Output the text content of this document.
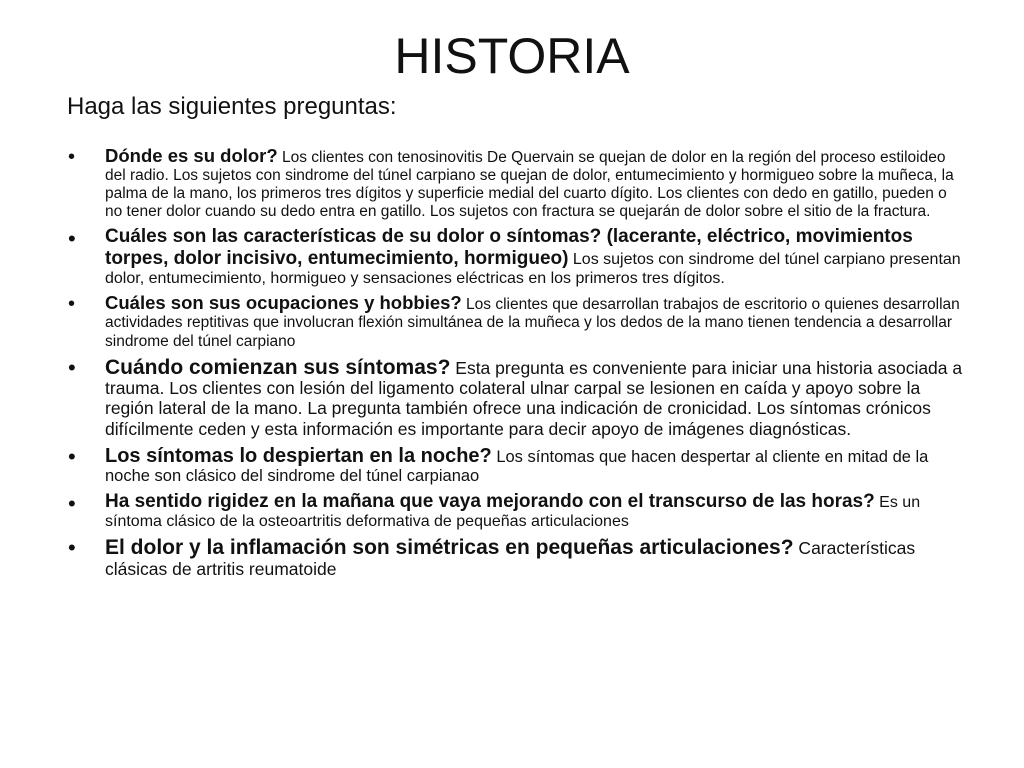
HISTORIA

Haga las siguientes preguntas:

• Dónde es su dolor? Los clientes con tenosinovitis De Quervain se quejan de dolor en la región del proceso estiloideo del radio. Los sujetos con sindrome del túnel carpiano se quejan de dolor, entumecimiento y hormigueo sobre la muñeca, la palma de la mano, los primeros tres dígitos y superficie medial del cuarto dígito. Los clientes con dedo en gatillo, pueden o no tener dolor cuando su dedo entra en gatillo. Los sujetos con fractura se quejarán de dolor sobre el sitio de la fractura.
• Cuáles son las características de su dolor o síntomas? (lacerante, eléctrico, movimientos torpes, dolor incisivo, entumecimiento, hormigueo) Los sujetos con sindrome del túnel carpiano presentan dolor, entumecimiento, hormigueo y sensaciones eléctricas en los primeros tres dígitos.
• Cuáles son sus ocupaciones y hobbies? Los clientes que desarrollan trabajos de escritorio o quienes desarrollan actividades reptitivas que involucran flexión simultánea de la muñeca y los dedos de la mano tienen tendencia a desarrollar sindrome del túnel carpiano
• Cuándo comienzan sus síntomas? Esta pregunta es conveniente para iniciar una historia asociada a trauma. Los clientes con lesión del ligamento colateral ulnar carpal se lesionen en caída y apoyo sobre la región lateral de la mano. La pregunta también ofrece una indicación de cronicidad. Los síntomas crónicos difícilmente ceden y esta información es importante para decir apoyo de imágenes diagnósticas.
• Los síntomas lo despiertan en la noche? Los síntomas que hacen despertar al cliente en mitad de la noche son clásico del sindrome del túnel carpianao
• Ha sentido rigidez en la mañana que vaya mejorando con el transcurso de las horas? Es un síntoma clásico de la osteoartritis deformativa de pequeñas articulaciones
• El dolor y la inflamación son simétricas en pequeñas articulaciones? Características clásicas de artritis reumatoide
